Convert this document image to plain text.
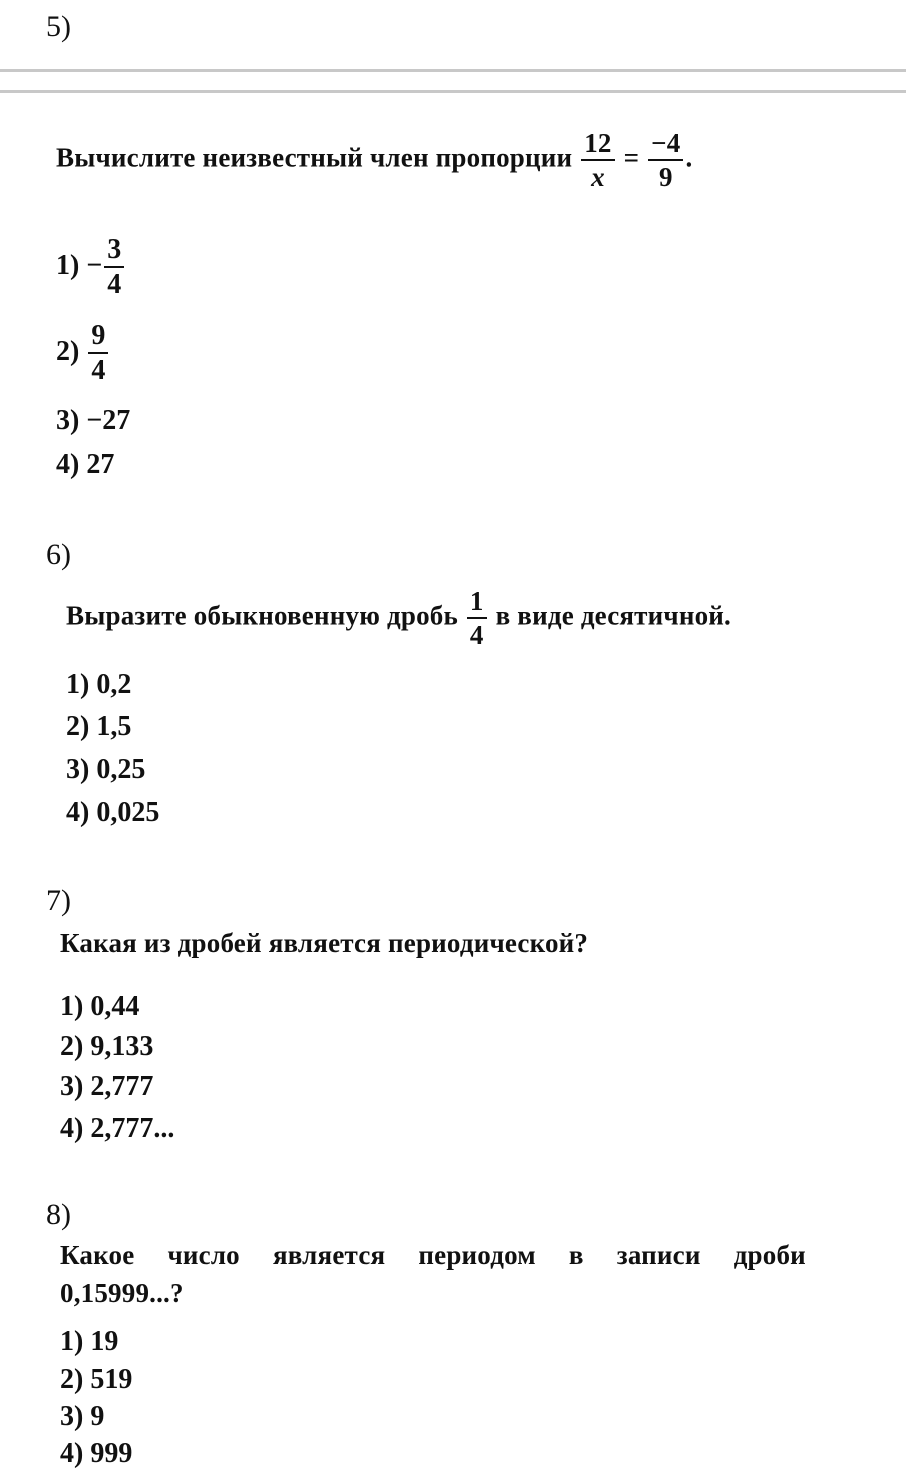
5)
Вычислите неизвестный член пропорции $\frac{12}{x} = \frac{-4}{9}$ .
$1) - \frac{3}{4}$
$2) \frac{9}{4}$
3) −27
4) 27
6)
Выразите обыкновенную дробь $\frac{1}{4}$ в виде десятичной.
1) 0,2
2) 1,5
3) 0,25
4) 0,025
7)
Какая из дробей является периодической?
1) 0,44
2) 9,133
3) 2,777
4) 2,777...
8)
Какое число является периодом в записи дроби
0,15999...?
1) 19
2) 519
3) 9
4) 999
